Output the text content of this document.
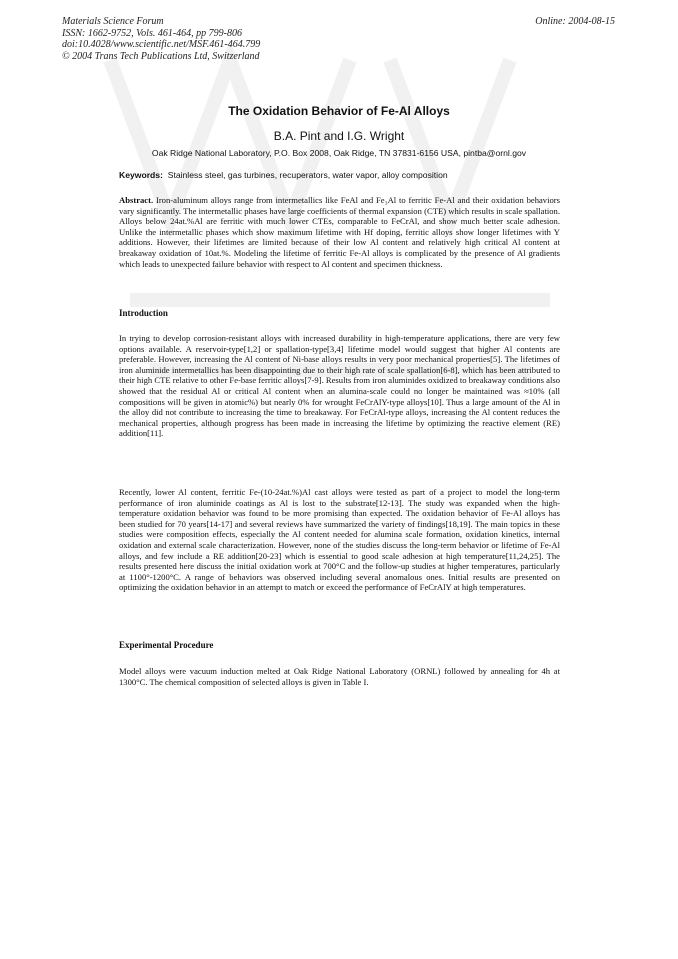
Materials Science Forum
ISSN: 1662-9752, Vols. 461-464, pp 799-806
doi:10.4028/www.scientific.net/MSF.461-464.799
© 2004 Trans Tech Publications Ltd, Switzerland
Online: 2004-08-15
The Oxidation Behavior of Fe-Al Alloys
B.A. Pint and I.G. Wright
Oak Ridge National Laboratory, P.O. Box 2008, Oak Ridge, TN 37831-6156 USA, pintba@ornl.gov
Keywords: Stainless steel, gas turbines, recuperators, water vapor, alloy composition
Abstract. Iron-aluminum alloys range from intermetallics like FeAl and Fe₃Al to ferritic Fe-Al and their oxidation behaviors vary significantly. The intermetallic phases have large coefficients of thermal expansion (CTE) which results in scale spallation. Alloys below 24at.%Al are ferritic with much lower CTEs, comparable to FeCrAl, and show much better scale adhesion. Unlike the intermetallic phases which show maximum lifetime with Hf doping, ferritic alloys show longer lifetimes with Y additions. However, their lifetimes are limited because of their low Al content and relatively high critical Al content at breakaway oxidation of 10at.%. Modeling the lifetime of ferritic Fe-Al alloys is complicated by the presence of Al gradients which leads to unexpected failure behavior with respect to Al content and specimen thickness.
Introduction
In trying to develop corrosion-resistant alloys with increased durability in high-temperature applications, there are very few options available. A reservoir-type[1,2] or spallation-type[3,4] lifetime model would suggest that higher Al contents are preferable. However, increasing the Al content of Ni-base alloys results in very poor mechanical properties[5]. The lifetimes of iron aluminide intermetallics has been disappointing due to their high rate of scale spallation[6-8], which has been attributed to their high CTE relative to other Fe-base ferritic alloys[7-9]. Results from iron aluminides oxidized to breakaway conditions also showed that the residual Al or critical Al content when an alumina-scale could no longer be maintained was ≈10% (all compositions will be given in atomic%) but nearly 0% for wrought FeCrAlY-type alloys[10]. Thus a large amount of the Al in the alloy did not contribute to increasing the time to breakaway. For FeCrAl-type alloys, increasing the Al content reduces the mechanical properties, although progress has been made in increasing the lifetime by optimizing the reactive element (RE) addition[11].
Recently, lower Al content, ferritic Fe-(10-24at.%)Al cast alloys were tested as part of a project to model the long-term performance of iron aluminide coatings as Al is lost to the substrate[12-13]. The study was expanded when the high-temperature oxidation behavior was found to be more promising than expected. The oxidation behavior of Fe-Al alloys has been studied for 70 years[14-17] and several reviews have summarized the variety of findings[18,19]. The main topics in these studies were composition effects, especially the Al content needed for alumina scale formation, oxidation kinetics, internal oxidation and external scale characterization. However, none of the studies discuss the long-term behavior or lifetime of Fe-Al alloys, and few include a RE addition[20-23] which is essential to good scale adhesion at high temperature[11,24,25]. The results presented here discuss the initial oxidation work at 700°C and the follow-up studies at higher temperatures, particularly at 1100°-1200°C. A range of behaviors was observed including several anomalous ones. Initial results are presented on optimizing the oxidation behavior in an attempt to match or exceed the performance of FeCrAlY at high temperatures.
Experimental Procedure
Model alloys were vacuum induction melted at Oak Ridge National Laboratory (ORNL) followed by annealing for 4h at 1300°C. The chemical composition of selected alloys is given in Table I.
